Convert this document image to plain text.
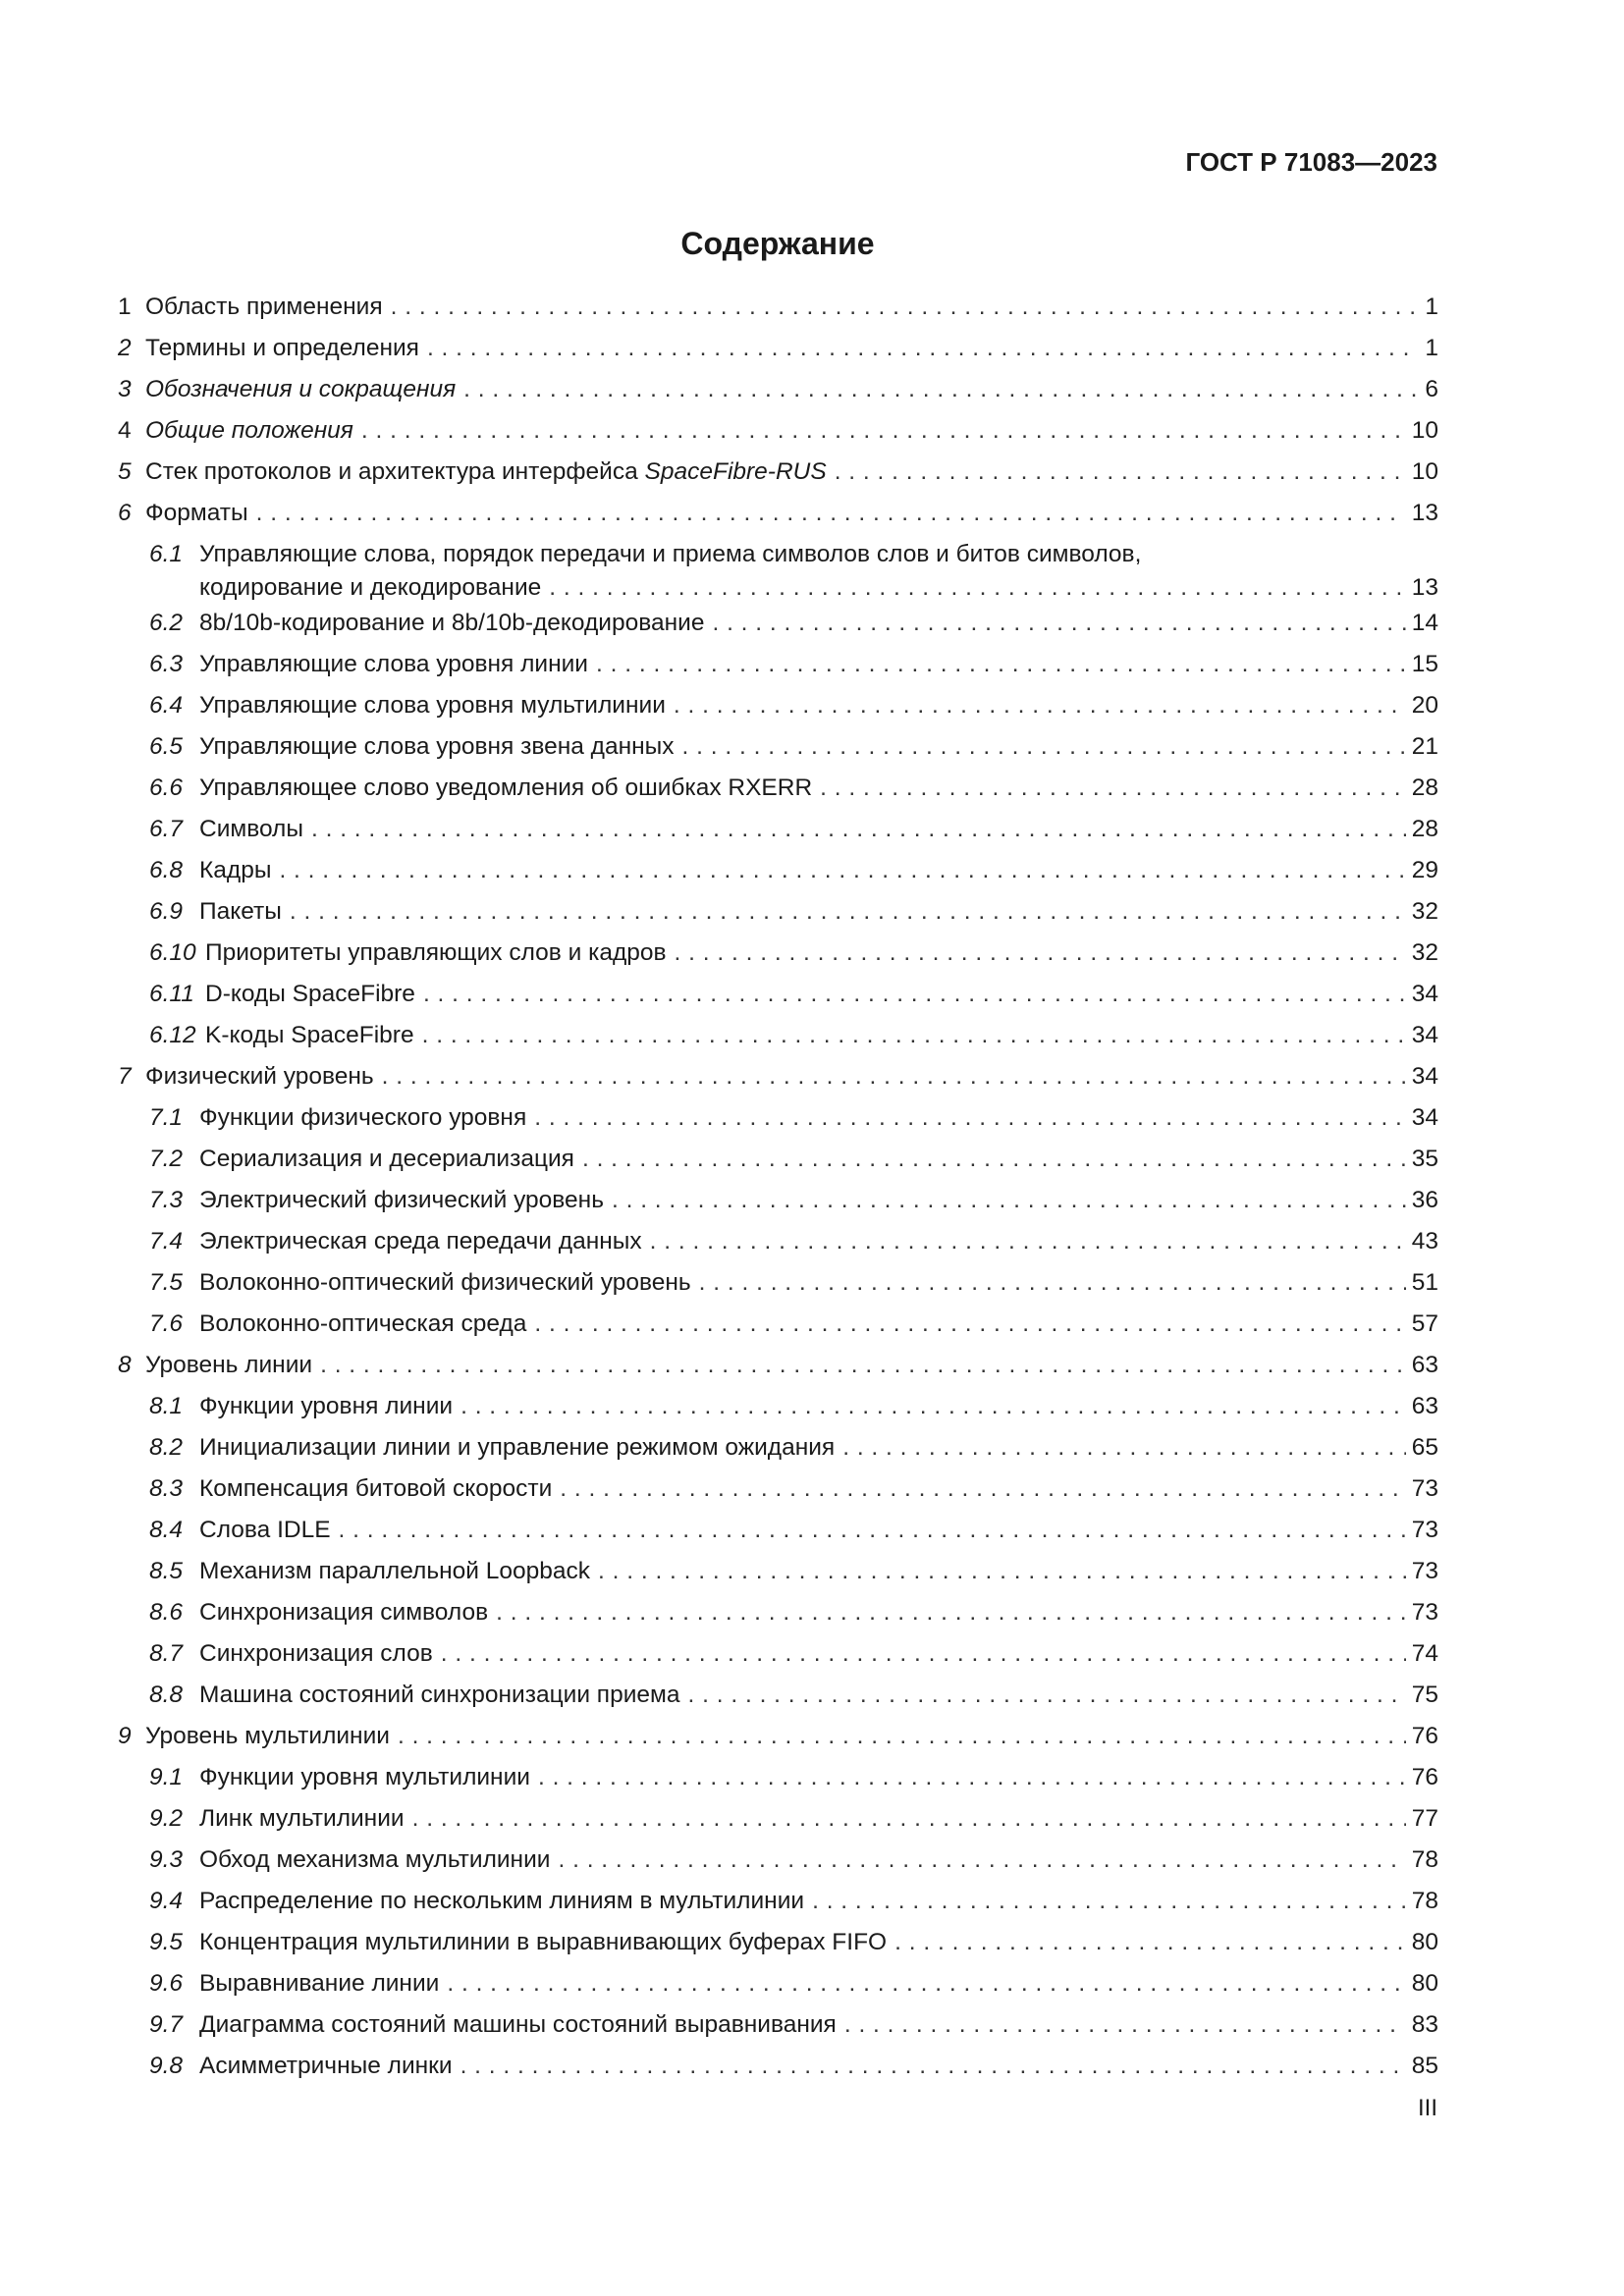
ГОСТ Р 71083—2023
Содержание
1 Область применения . . .	1
2 Термины и определения . . .	1
3 Обозначения и сокращения . . .	6
4 Общие положения . . .	10
5 Стек протоколов и архитектура интерфейса SpaceFibre-RUS . . .	10
6 Форматы . . .	13
6.1 Управляющие слова, порядок передачи и приема символов слов и битов символов,
кодирование и декодирование . . .	13
6.2 8b/10b-кодирование и 8b/10b-декодирование . . .	14
6.3 Управляющие слова уровня линии . . .	15
6.4 Управляющие слова уровня мультилинии . . .	20
6.5 Управляющие слова уровня звена данных . . .	21
6.6 Управляющее слово уведомления об ошибках RXERR . . .	28
6.7 Символы . . .	28
6.8 Кадры . . .	29
6.9 Пакеты . . .	32
6.10 Приоритеты управляющих слов и кадров . . .	32
6.11 D-коды SpaceFibre . . .	34
6.12 K-коды SpaceFibre . . .	34
7 Физический уровень . . .	34
7.1 Функции физического уровня . . .	34
7.2 Сериализация и десериализация . . .	35
7.3 Электрический физический уровень . . .	36
7.4 Электрическая среда передачи данных . . .	43
7.5 Волоконно-оптический физический уровень . . .	51
7.6 Волоконно-оптическая среда . . .	57
8 Уровень линии . . .	63
8.1 Функции уровня линии . . .	63
8.2 Инициализации линии и управление режимом ожидания . . .	65
8.3 Компенсация битовой скорости . . .	73
8.4 Слова IDLE . . .	73
8.5 Механизм параллельной Loopback . . .	73
8.6 Синхронизация символов . . .	73
8.7 Синхронизация слов . . .	74
8.8 Машина состояний синхронизации приема . . .	75
9 Уровень мультилинии . . .	76
9.1 Функции уровня мультилинии . . .	76
9.2 Линк мультилинии . . .	77
9.3 Обход механизма мультилинии . . .	78
9.4 Распределение по нескольким линиям в мультилинии . . .	78
9.5 Концентрация мультилинии в выравнивающих буферах FIFO . . .	80
9.6 Выравнивание линии . . .	80
9.7 Диаграмма состояний машины состояний выравнивания . . .	83
9.8 Асимметричные линки . . .	85
III
